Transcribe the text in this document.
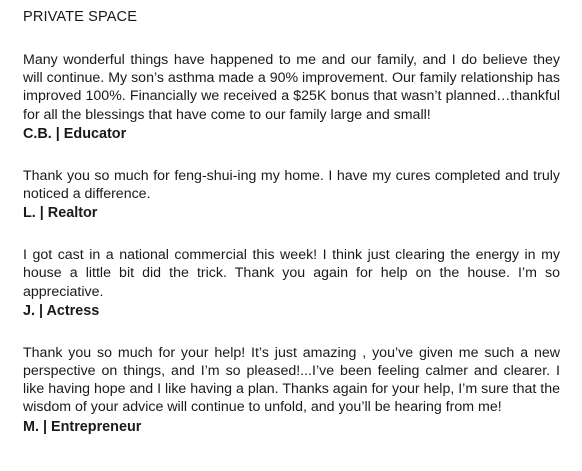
PRIVATE SPACE

Many wonderful things have happened to me and our family, and I do believe they will continue. My son’s asthma made a 90% improvement. Our family relationship has improved 100%. Financially we received a $25K bonus that wasn’t planned…thankful for all the blessings that have come to our family large and small!

C.B. | Educator

Thank you so much for feng-shui-ing my home. I have my cures completed and truly noticed a difference.

L. | Realtor

I got cast in a national commercial this week! I think just clearing the energy in my house a little bit did the trick. Thank you again for help on the house. I’m so appreciative.

J. | Actress

Thank you so much for your help! It’s just amazing , you’ve given me such a new perspective on things, and I’m so pleased!...I’ve been feeling calmer and clearer. I like having hope and I like having a plan. Thanks again for your help, I’m sure that the wisdom of your advice will continue to unfold, and you’ll be hearing from me!

M. | Entrepreneur
